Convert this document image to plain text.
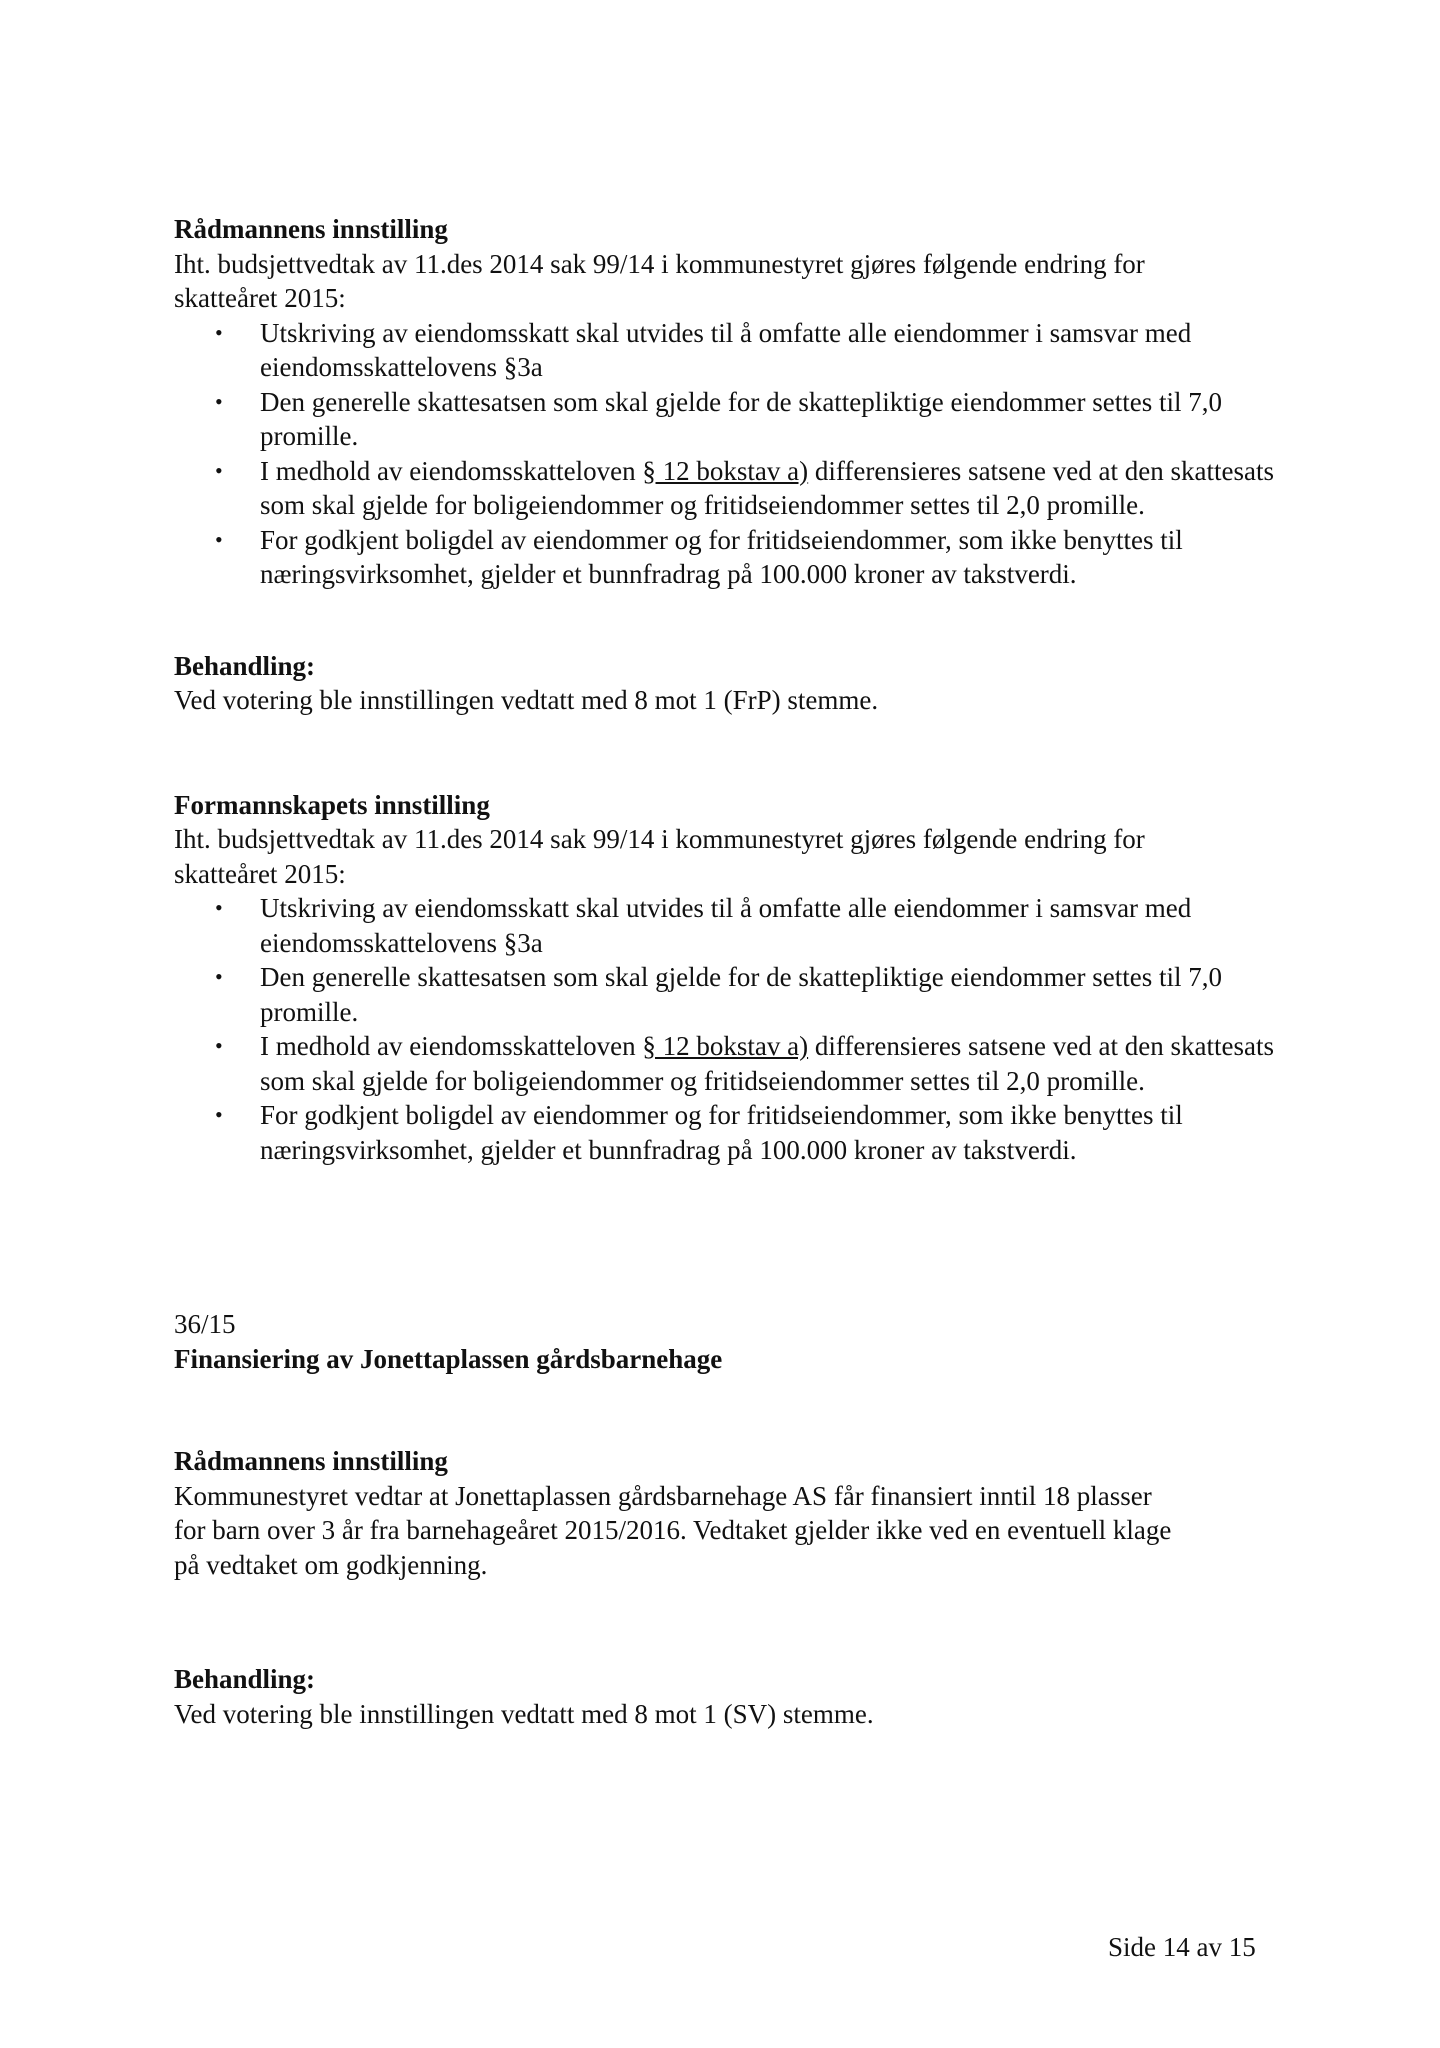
Rådmannens innstilling

Iht. budsjettvedtak av 11.des 2014 sak 99/14 i kommunestyret gjøres følgende endring for

skatteåret 2015:

• Utskriving av eiendomsskatt skal utvides til å omfatte alle eiendommer i samsvar med eiendomsskattelovens §3a
• Den generelle skattesatsen som skal gjelde for de skattepliktige eiendommer settes til 7,0 promille.
• I medhold av eiendomsskatteloven § 12 bokstav a) differensieres satsene ved at den skattesats som skal gjelde for boligeiendommer og fritidseiendommer settes til 2,0 promille.
• For godkjent boligdel av eiendommer og for fritidseiendommer, som ikke benyttes til næringsvirksomhet, gjelder et bunnfradrag på 100.000 kroner av takstverdi.
Behandling:

Ved votering ble innstillingen vedtatt med 8 mot 1 (FrP) stemme.

Formannskapets innstilling

Iht. budsjettvedtak av 11.des 2014 sak 99/14 i kommunestyret gjøres følgende endring for

skatteåret 2015:

• Utskriving av eiendomsskatt skal utvides til å omfatte alle eiendommer i samsvar med eiendomsskattelovens §3a
• Den generelle skattesatsen som skal gjelde for de skattepliktige eiendommer settes til 7,0 promille.
• I medhold av eiendomsskatteloven § 12 bokstav a) differensieres satsene ved at den skattesats som skal gjelde for boligeiendommer og fritidseiendommer settes til 2,0 promille.
• For godkjent boligdel av eiendommer og for fritidseiendommer, som ikke benyttes til næringsvirksomhet, gjelder et bunnfradrag på 100.000 kroner av takstverdi.

36/15

Finansiering av Jonettaplassen gårdsbarnehage
Rådmannens innstilling

Kommunestyret vedtar at Jonettaplassen gårdsbarnehage AS får finansiert inntil 18 plasser

for barn over 3 år fra barnehageåret 2015/2016. Vedtaket gjelder ikke ved en eventuell klage

på vedtaket om godkjenning.

Behandling:

Ved votering ble innstillingen vedtatt med 8 mot 1 (SV) stemme.

Side 14 av 15
